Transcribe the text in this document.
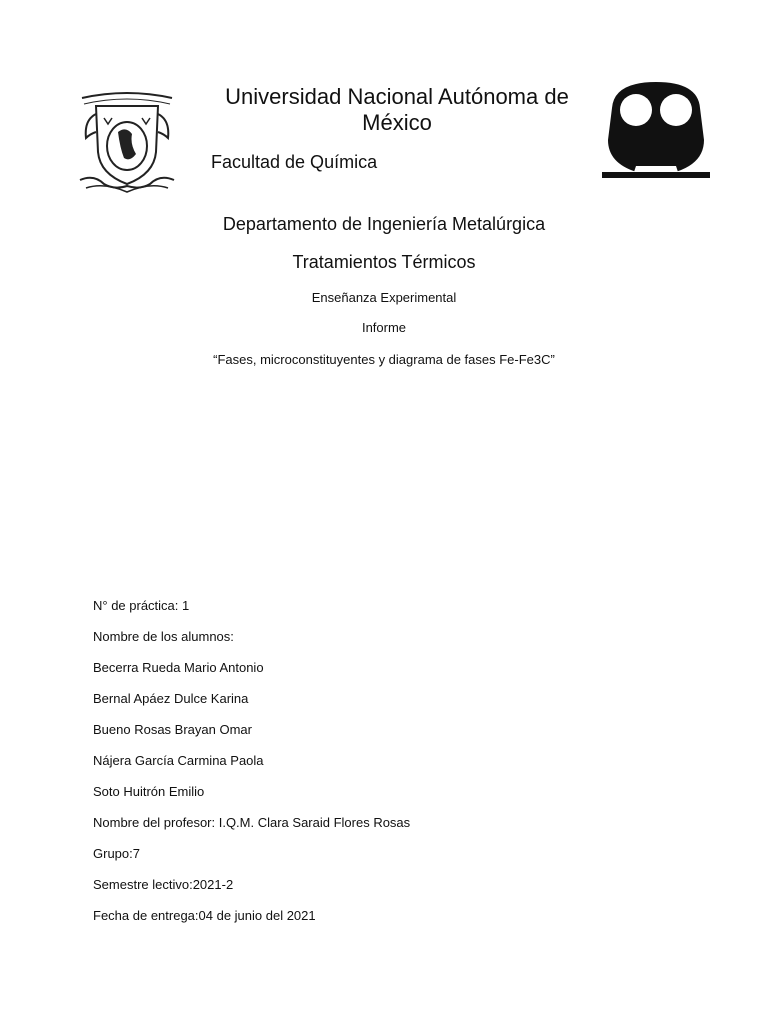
Universidad Nacional Autónoma de México
Facultad de Química
Departamento de Ingeniería Metalúrgica
Tratamientos Térmicos
Enseñanza Experimental
Informe
“Fases, microconstituyentes y diagrama de fases Fe-Fe3C”
N° de práctica: 1
Nombre de los alumnos:
Becerra Rueda Mario Antonio
Bernal Apáez Dulce Karina
Bueno Rosas Brayan Omar
Nájera García Carmina Paola
Soto Huitrón Emilio
Nombre del profesor: I.Q.M. Clara Saraid Flores Rosas
Grupo:7
Semestre lectivo:2021-2
Fecha de entrega:04 de junio del 2021
